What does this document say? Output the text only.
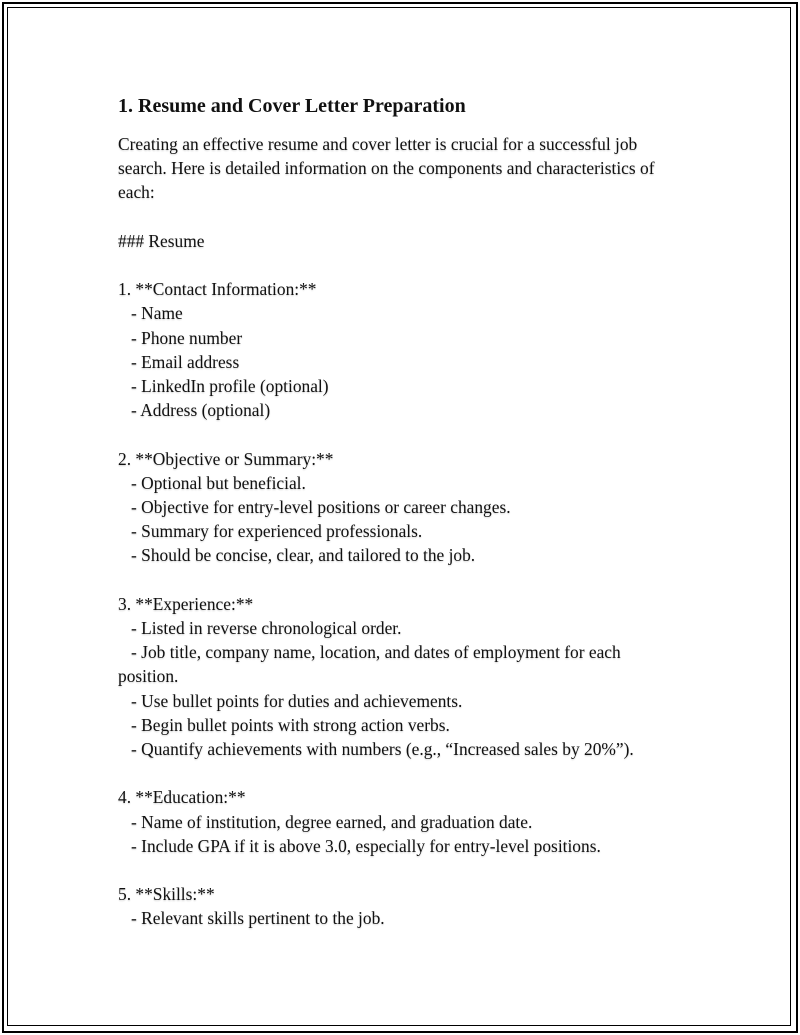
1. Resume and Cover Letter Preparation
Creating an effective resume and cover letter is crucial for a successful job
search. Here is detailed information on the components and characteristics of
each:
### Resume
1. **Contact Information:**
- Name
- Phone number
- Email address
- LinkedIn profile (optional)
- Address (optional)
2. **Objective or Summary:**
- Optional but beneficial.
- Objective for entry-level positions or career changes.
- Summary for experienced professionals.
- Should be concise, clear, and tailored to the job.
3. **Experience:**
- Listed in reverse chronological order.
- Job title, company name, location, and dates of employment for each
position.
- Use bullet points for duties and achievements.
- Begin bullet points with strong action verbs.
- Quantify achievements with numbers (e.g., “Increased sales by 20%”).
4. **Education:**
- Name of institution, degree earned, and graduation date.
- Include GPA if it is above 3.0, especially for entry-level positions.
5. **Skills:**
- Relevant skills pertinent to the job.
